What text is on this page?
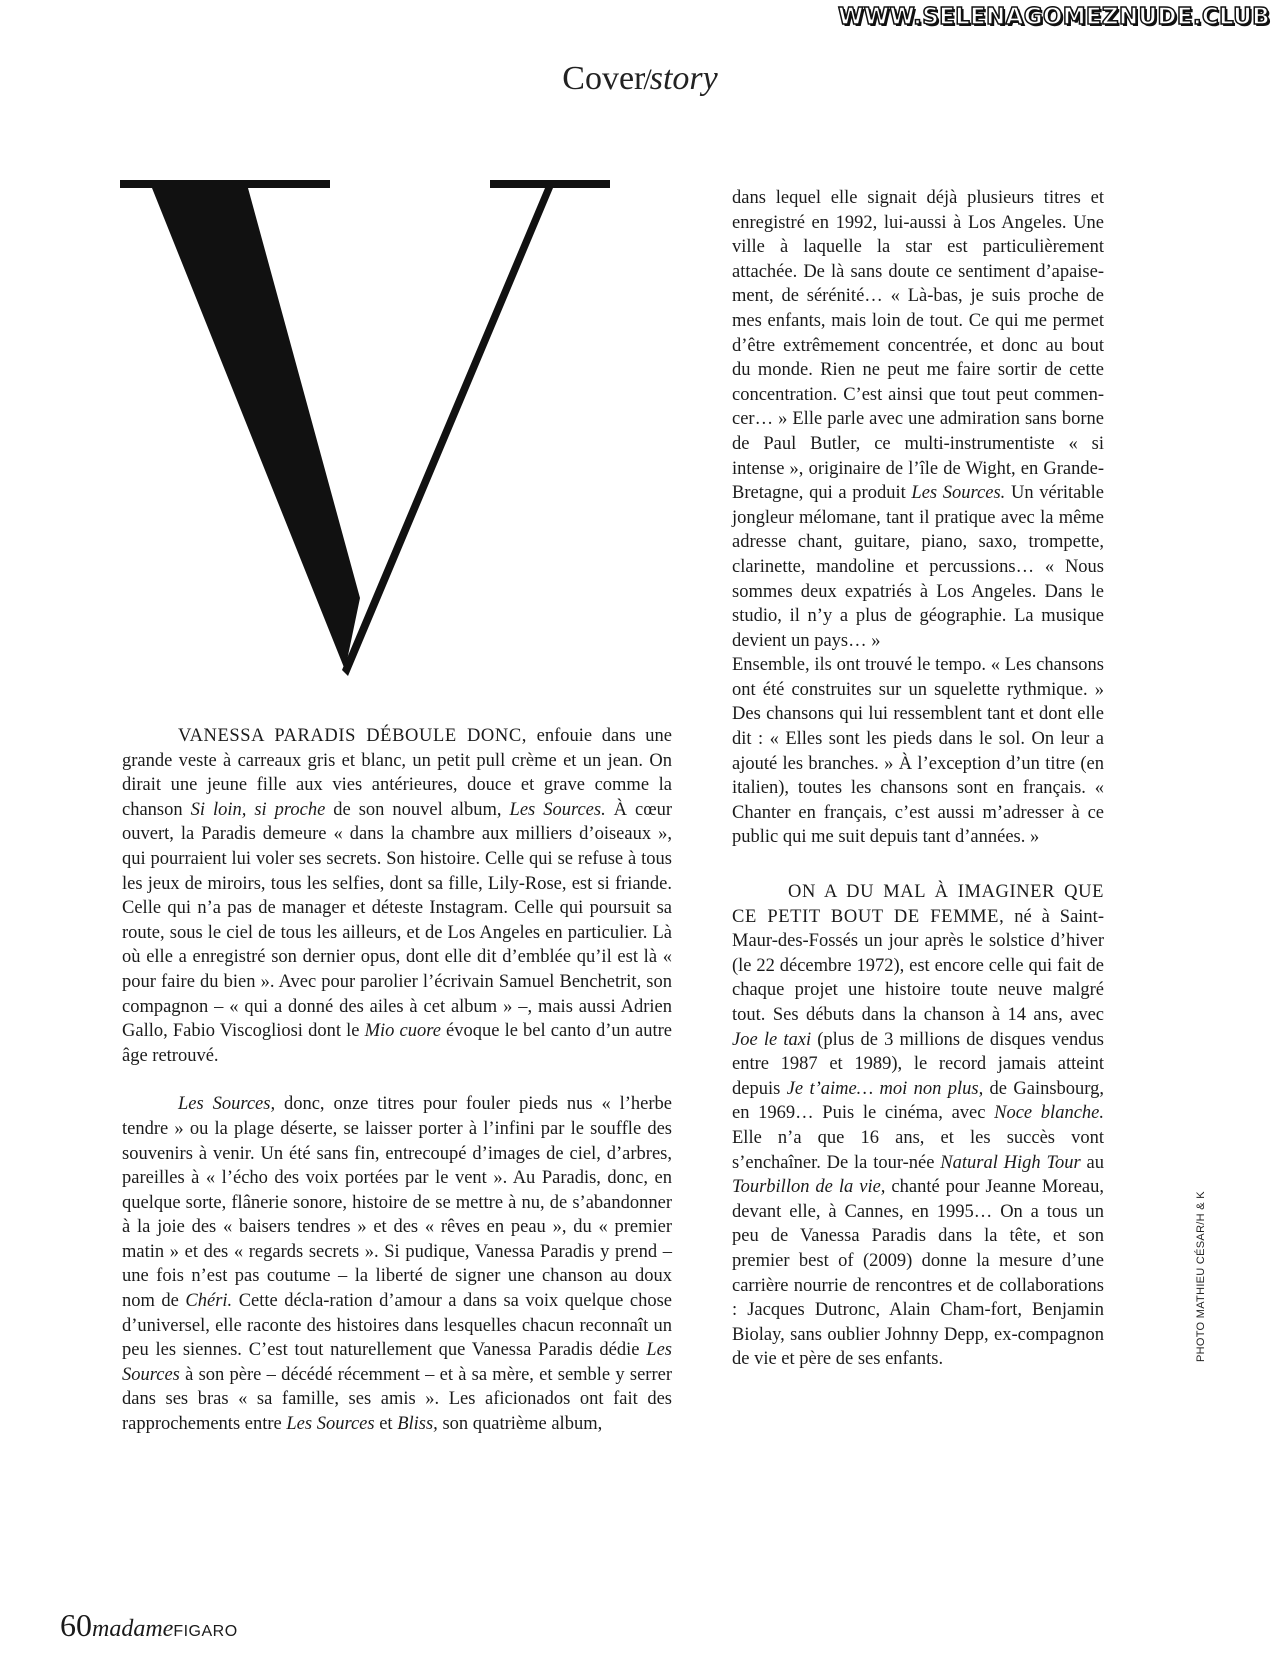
WWW.SELENAGOMEZNUDE.CLUB
Cover/story

VANESSA PARADIS DÉBOULE DONC, enfouie dans une grande veste à carreaux gris et blanc, un petit pull crème et un jean. On dirait une jeune fille aux vies antérieures, douce et grave comme la chanson Si loin, si proche de son nouvel album, Les Sources. À cœur ouvert, la Paradis demeure « dans la chambre aux milliers d’oiseaux », qui pourraient lui voler ses secrets. Son histoire. Celle qui se refuse à tous les jeux de miroirs, tous les selfies, dont sa fille, Lily-Rose, est si friande. Celle qui n’a pas de manager et déteste Instagram. Celle qui poursuit sa route, sous le ciel de tous les ailleurs, et de Los Angeles en particulier. Là où elle a enregistré son dernier opus, dont elle dit d’emblée qu’il est là « pour faire du bien ». Avec pour parolier l’écrivain Samuel Benchetrit, son compagnon – « qui a donné des ailes à cet album » –, mais aussi Adrien Gallo, Fabio Viscogliosi dont le Mio cuore évoque le bel canto d’un autre âge retrouvé.

Les Sources, donc, onze titres pour fouler pieds nus « l’herbe tendre » ou la plage déserte, se laisser porter à l’infini par le souffle des souvenirs à venir. Un été sans fin, entrecoupé d’images de ciel, d’arbres, pareilles à « l’écho des voix portées par le vent ». Au Paradis, donc, en quelque sorte, flânerie sonore, histoire de se mettre à nu, de s’abandonner à la joie des « baisers tendres » et des « rêves en peau », du « premier matin » et des « regards secrets ». Si pudique, Vanessa Paradis y prend – une fois n’est pas coutume – la liberté de signer une chanson au doux nom de Chéri. Cette décla-ration d’amour a dans sa voix quelque chose d’universel, elle raconte des histoires dans lesquelles chacun reconnaît un peu les siennes. C’est tout naturellement que Vanessa Paradis dédie Les Sources à son père – décédé récemment – et à sa mère, et semble y serrer dans ses bras « sa famille, ses amis ». Les aficionados ont fait des rapprochements entre Les Sources et Bliss, son quatrième album,

dans lequel elle signait déjà plusieurs titres et enregistré en 1992, lui-aussi à Los Angeles. Une ville à laquelle la star est particulièrement attachée. De là sans doute ce sentiment d’apaise-ment, de sérénité… « Là-bas, je suis proche de mes enfants, mais loin de tout. Ce qui me permet d’être extrêmement concentrée, et donc au bout du monde. Rien ne peut me faire sortir de cette concentration. C’est ainsi que tout peut commen-cer… » Elle parle avec une admiration sans borne de Paul Butler, ce multi-instrumentiste « si intense », originaire de l’île de Wight, en Grande-Bretagne, qui a produit Les Sources. Un véritable jongleur mélomane, tant il pratique avec la même adresse chant, guitare, piano, saxo, trompette, clarinette, mandoline et percussions… « Nous sommes deux expatriés à Los Angeles. Dans le studio, il n’y a plus de géographie. La musique devient un pays… »

Ensemble, ils ont trouvé le tempo. « Les chansons ont été construites sur un squelette rythmique. » Des chansons qui lui ressemblent tant et dont elle dit : « Elles sont les pieds dans le sol. On leur a ajouté les branches. » À l’exception d’un titre (en italien), toutes les chansons sont en français. « Chanter en français, c’est aussi m’adresser à ce public qui me suit depuis tant d’années. »

ON A DU MAL À IMAGINER QUE CE PETIT BOUT DE FEMME, né à Saint-Maur-des-Fossés un jour après le solstice d’hiver (le 22 décembre 1972), est encore celle qui fait de chaque projet une histoire toute neuve malgré tout. Ses débuts dans la chanson à 14 ans, avec Joe le taxi (plus de 3 millions de disques vendus entre 1987 et 1989), le record jamais atteint depuis Je t’aime… moi non plus, de Gainsbourg, en 1969… Puis le cinéma, avec Noce blanche. Elle n’a que 16 ans, et les succès vont s’enchaîner. De la tour-née Natural High Tour au Tourbillon de la vie, chanté pour Jeanne Moreau, devant elle, à Cannes, en 1995… On a tous un peu de Vanessa Paradis dans la tête, et son premier best of (2009) donne la mesure d’une carrière nourrie de rencontres et de collaborations : Jacques Dutronc, Alain Cham-fort, Benjamin Biolay, sans oublier Johnny Depp, ex-compagnon de vie et père de ses enfants.	PHOTO MATHIEU CÉSAR/H & K
60madameFIGARO
